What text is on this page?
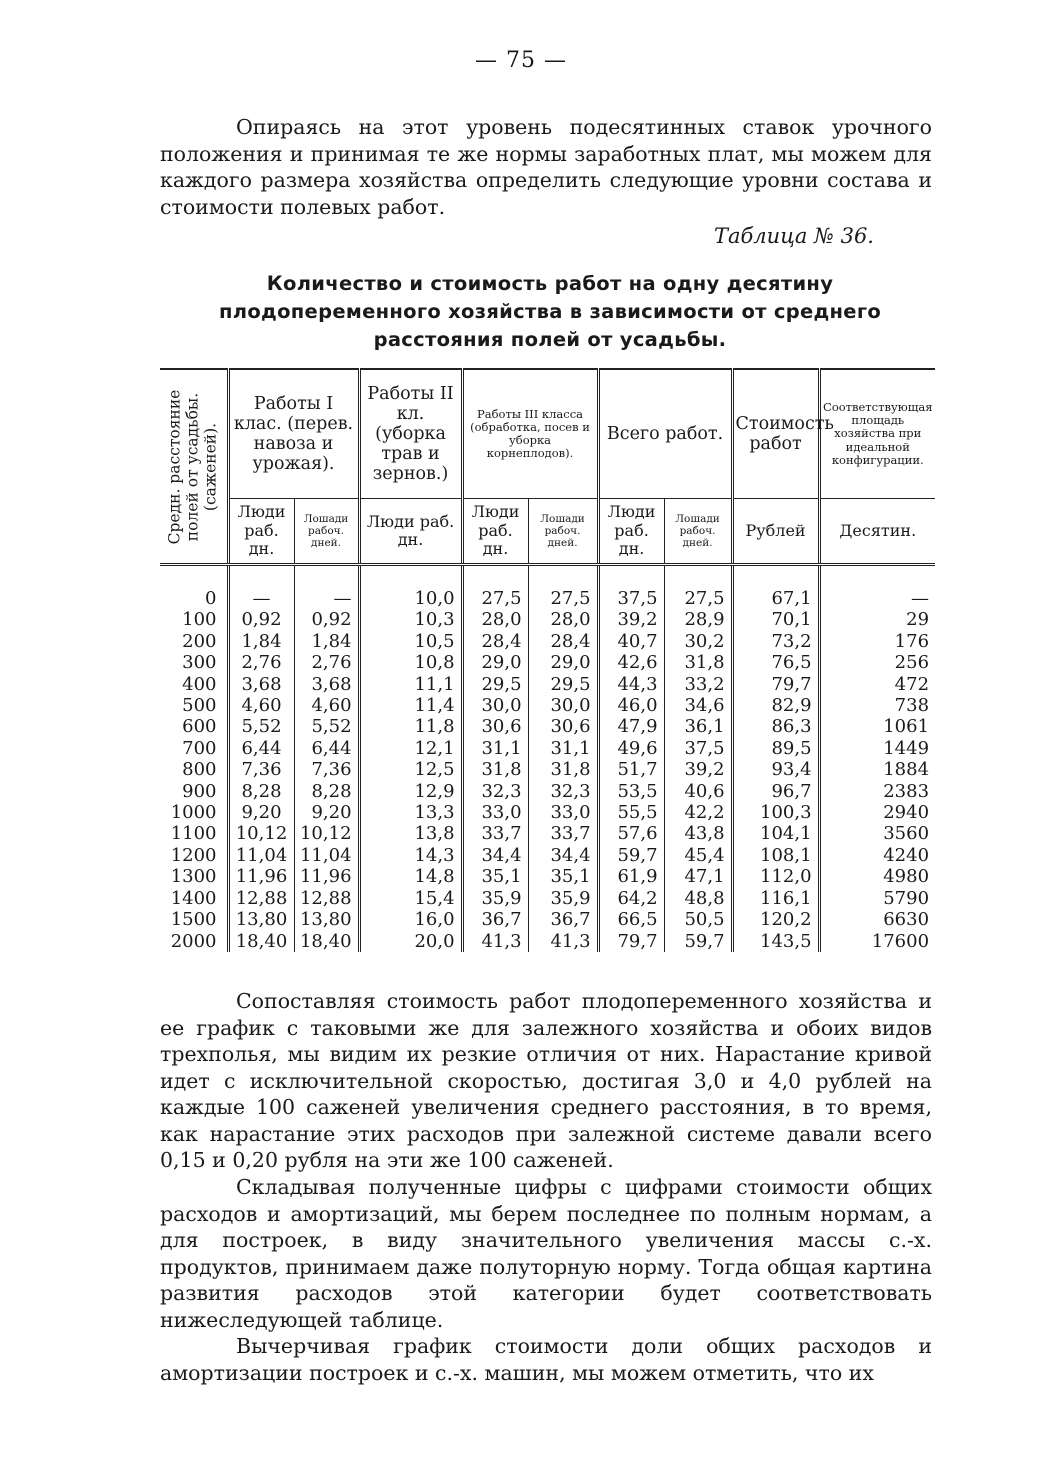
— 75 —

Опираясь на этот уровень подесятинных ставок урочного положения и принимая те же нормы заработных плат, мы можем для каждого размера хозяйства определить следующие уровни состава и стоимости полевых работ.

Таблица № 36.

Количество и стоимость работ на одну десятину плодопеременного хозяйства в зависимости от среднего расстояния полей от усадьбы.

Средн. расстояние полей от усадьбы. (саженей).	Работы I клас. (перев. навоза и урожая).		Работы II кл. (уборка трав и зернов.)	Работы III класса (обработка, посев и уборка корнеплодов).		Всего работ.		Стоимость работ	Соответствующая площадь хозяйства при идеальной конфигурации.
	Люди раб. дн.	Лошади рабоч. дней.	Люди раб. дн.	Люди раб. дн.	Лошади рабоч. дней.	Люди раб. дн.	Лошади рабоч. дней.	Рублей	Десятин.

0	—	—	10,0	27,5	27,5	37,5	27,5	67,1	—
100	0,92	0,92	10,3	28,0	28,0	39,2	28,9	70,1	29
200	1,84	1,84	10,5	28,4	28,4	40,7	30,2	73,2	176
300	2,76	2,76	10,8	29,0	29,0	42,6	31,8	76,5	256
400	3,68	3,68	11,1	29,5	29,5	44,3	33,2	79,7	472
500	4,60	4,60	11,4	30,0	30,0	46,0	34,6	82,9	738
600	5,52	5,52	11,8	30,6	30,6	47,9	36,1	86,3	1061
700	6,44	6,44	12,1	31,1	31,1	49,6	37,5	89,5	1449
800	7,36	7,36	12,5	31,8	31,8	51,7	39,2	93,4	1884
900	8,28	8,28	12,9	32,3	32,3	53,5	40,6	96,7	2383
1000	9,20	9,20	13,3	33,0	33,0	55,5	42,2	100,3	2940
1100	10,12	10,12	13,8	33,7	33,7	57,6	43,8	104,1	3560
1200	11,04	11,04	14,3	34,4	34,4	59,7	45,4	108,1	4240
1300	11,96	11,96	14,8	35,1	35,1	61,9	47,1	112,0	4980
1400	12,88	12,88	15,4	35,9	35,9	64,2	48,8	116,1	5790
1500	13,80	13,80	16,0	36,7	36,7	66,5	50,5	120,2	6630
2000	18,40	18,40	20,0	41,3	41,3	79,7	59,7	143,5	17600

Сопоставляя стоимость работ плодопеременного хозяйства и ее график с таковыми же для залежного хозяйства и обоих видов трехполья, мы видим их резкие отличия от них. Нарастание кривой идет с исключительной скоростью, достигая 3,0 и 4,0 рублей на каждые 100 саженей увеличения среднего расстояния, в то время, как нарастание этих расходов при залежной системе давали всего 0,15 и 0,20 рубля на эти же 100 саженей.

Складывая полученные цифры с цифрами стоимости общих расходов и амортизаций, мы берем последнее по полным нормам, а для построек, в виду значительного увеличения массы с.-х. продуктов, принимаем даже полуторную норму. Тогда общая картина развития расходов этой категории будет соответствовать нижеследующей таблице.

Вычерчивая график стоимости доли общих расходов и амортизации построек и с.-х. машин, мы можем отметить, что их
